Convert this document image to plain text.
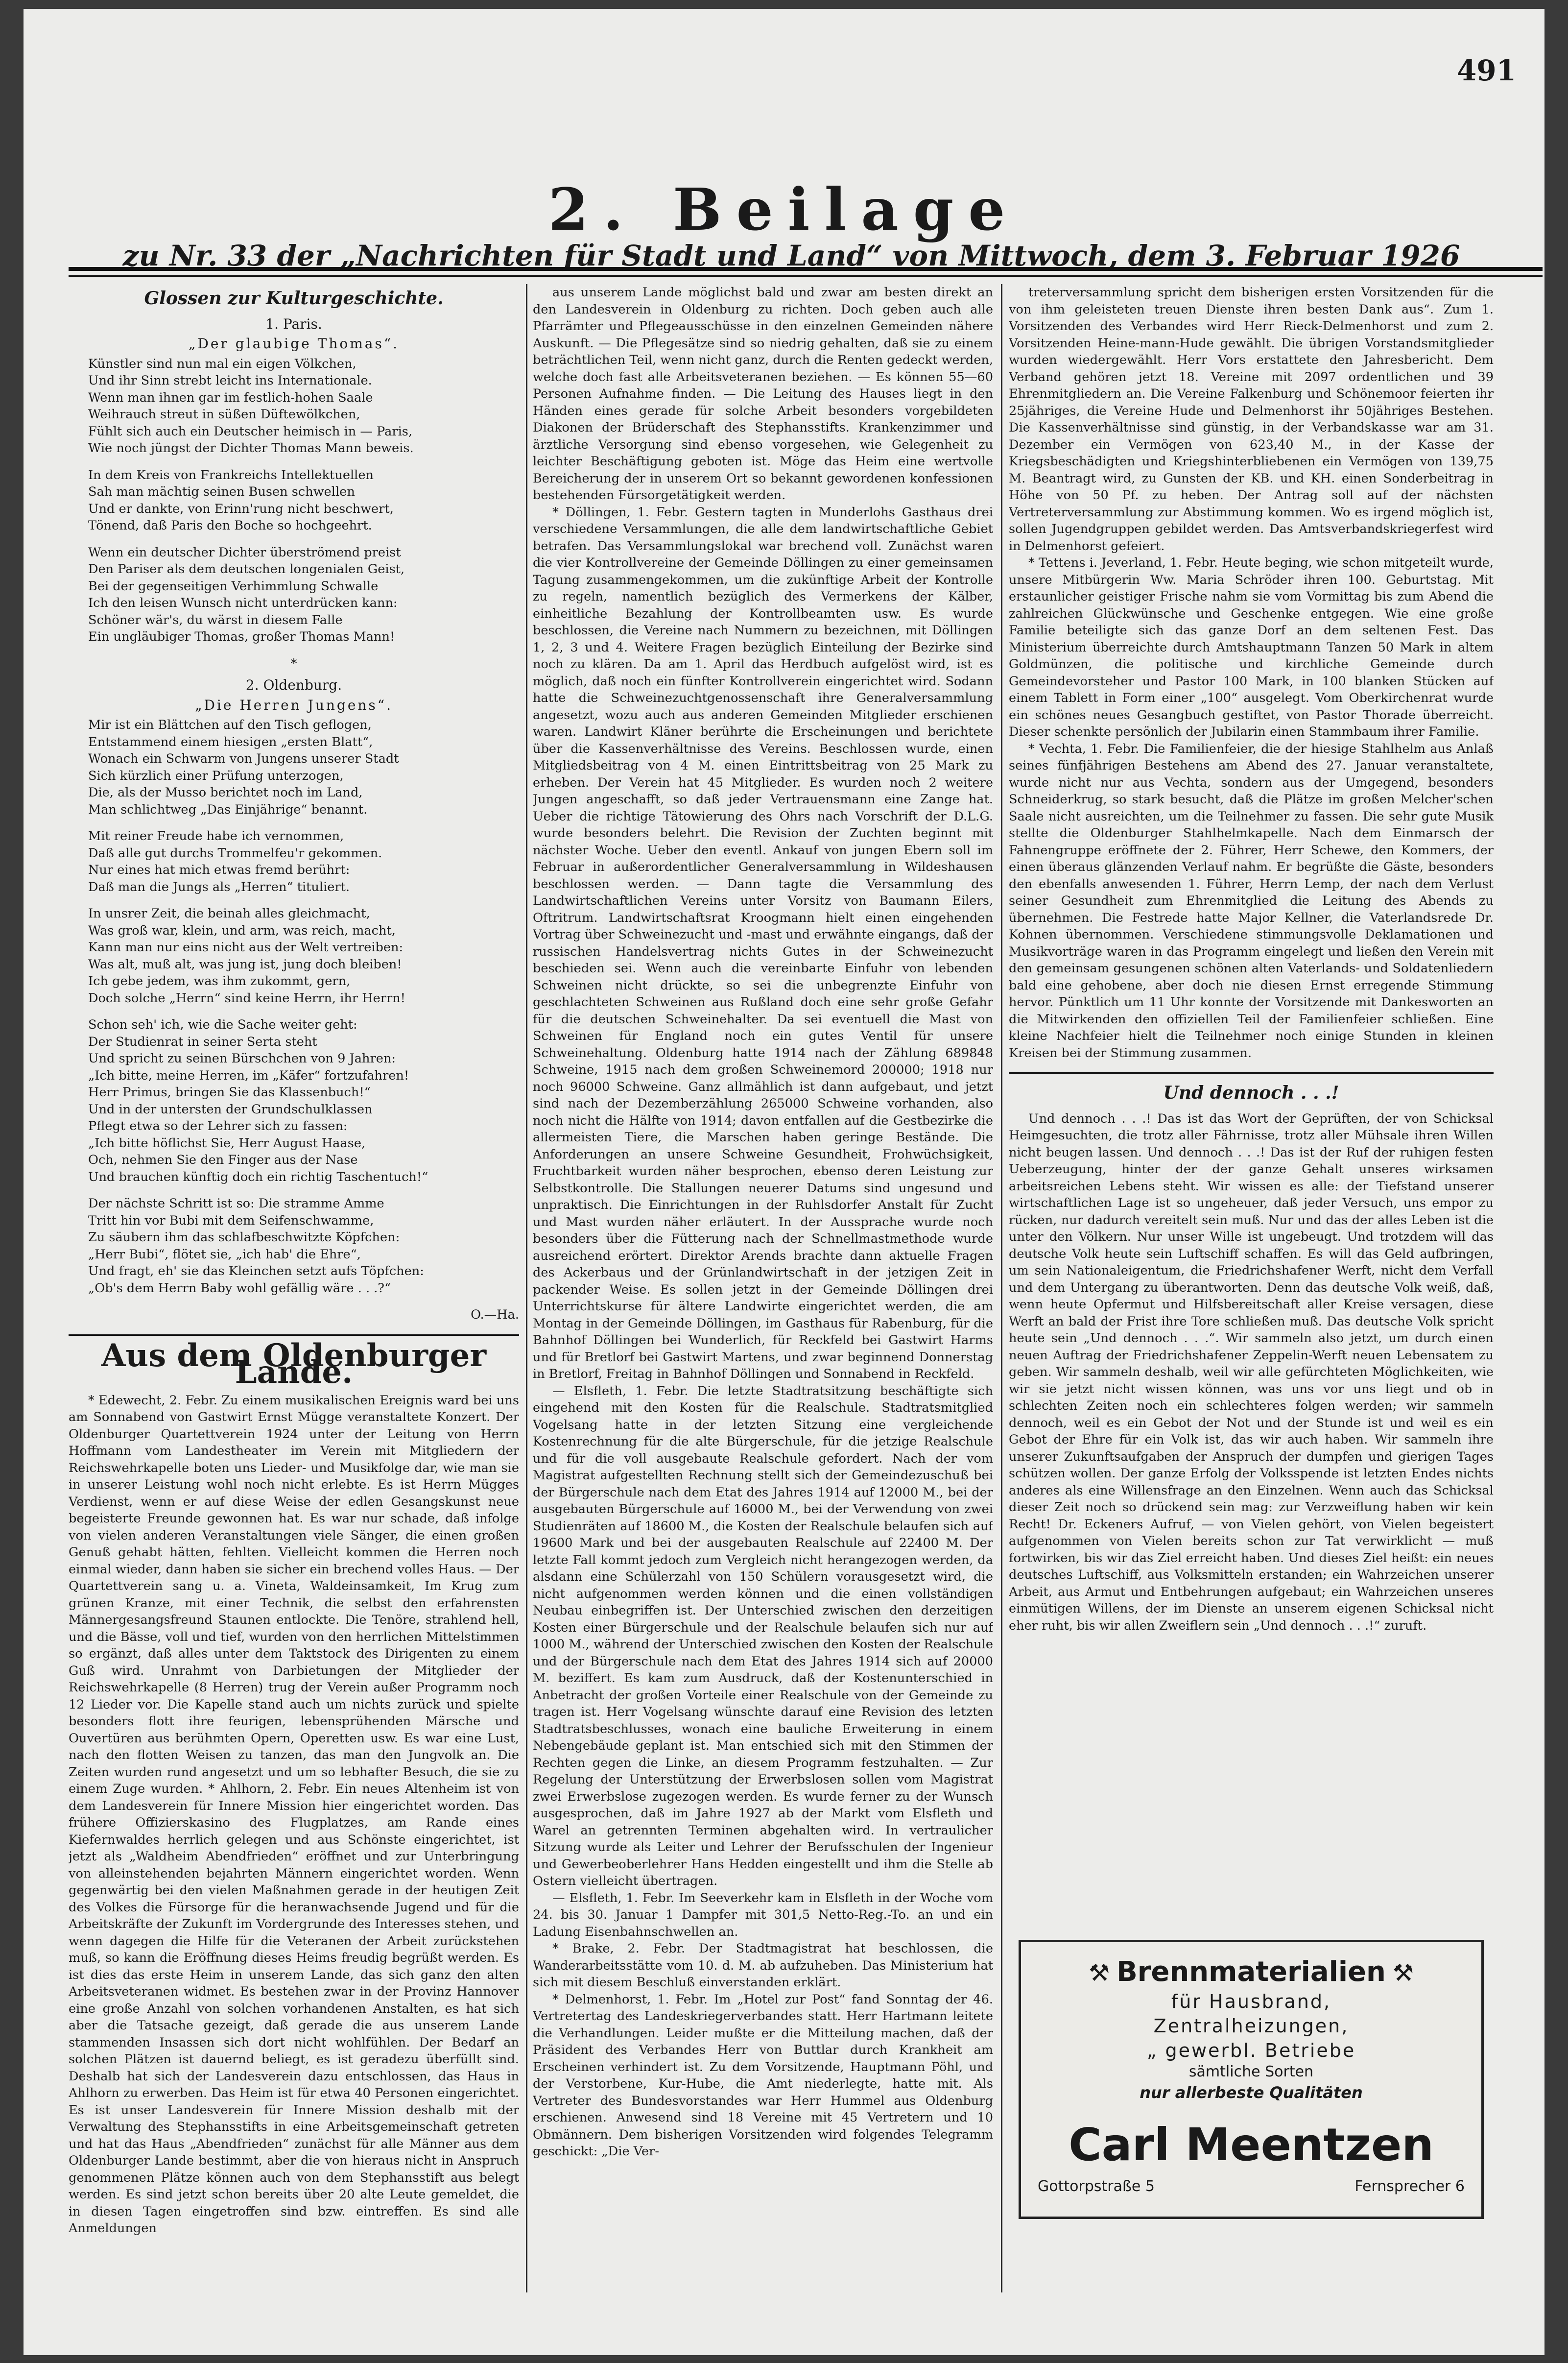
491
2. Beilage
zu Nr. 33 der „Nachrichten für Stadt und Land“ von Mittwoch, dem 3. Februar 1926
Glossen zur Kulturgeschichte.
1. Paris.
„Der glaubige Thomas“.

Künstler sind nun mal ein eigen Völkchen,

Und ihr Sinn strebt leicht ins Internationale.

Wenn man ihnen gar im festlich-hohen Saale

Weihrauch streut in süßen Düftewölkchen,

Fühlt sich auch ein Deutscher heimisch in — Paris,

Wie noch jüngst der Dichter Thomas Mann beweis.

In dem Kreis von Frankreichs Intellektuellen

Sah man mächtig seinen Busen schwellen

Und er dankte, von Erinn'rung nicht beschwert,

Tönend, daß Paris den Boche so hochgeehrt.

Wenn ein deutscher Dichter überströmend preist

Den Pariser als dem deutschen longenialen Geist,

Bei der gegenseitigen Verhimmlung Schwalle

Ich den leisen Wunsch nicht unterdrücken kann:

Schöner wär's, du wärst in diesem Falle

Ein ungläubiger Thomas, großer Thomas Mann!

*
2. Oldenburg.
„Die Herren Jungens“.

Mir ist ein Blättchen auf den Tisch geflogen,

Entstammend einem hiesigen „ersten Blatt“,

Wonach ein Schwarm von Jungens unserer Stadt

Sich kürzlich einer Prüfung unterzogen,

Die, als der Musso berichtet noch im Land,

Man schlichtweg „Das Einjährige“ benannt.

Mit reiner Freude habe ich vernommen,

Daß alle gut durchs Trommelfeu'r gekommen.

Nur eines hat mich etwas fremd berührt:

Daß man die Jungs als „Herren“ tituliert.

In unsrer Zeit, die beinah alles gleichmacht,

Was groß war, klein, und arm, was reich, macht,

Kann man nur eins nicht aus der Welt vertreiben:

Was alt, muß alt, was jung ist, jung doch bleiben!

Ich gebe jedem, was ihm zukommt, gern,

Doch solche „Herrn“ sind keine Herrn, ihr Herrn!

Schon seh' ich, wie die Sache weiter geht:

Der Studienrat in seiner Serta steht

Und spricht zu seinen Bürschchen von 9 Jahren:

„Ich bitte, meine Herren, im „Käfer“ fortzufahren!

Herr Primus, bringen Sie das Klassenbuch!“

Und in der untersten der Grundschulklassen

Pflegt etwa so der Lehrer sich zu fassen:

„Ich bitte höflichst Sie, Herr August Haase,

Och, nehmen Sie den Finger aus der Nase

Und brauchen künftig doch ein richtig Taschentuch!“

Der nächste Schritt ist so: Die stramme Amme

Tritt hin vor Bubi mit dem Seifenschwamme,

Zu säubern ihm das schlafbeschwitzte Köpfchen:

„Herr Bubi“, flötet sie, „ich hab' die Ehre“,

Und fragt, eh' sie das Kleinchen setzt aufs Töpfchen:

„Ob's dem Herrn Baby wohl gefällig wäre . . .?“

O.—Ha.
Aus dem Oldenburger Lande.

* Edewecht, 2. Febr. Zu einem musikalischen Ereignis ward bei uns am Sonnabend von Gastwirt Ernst Mügge veranstaltete Konzert. Der Oldenburger Quartettverein 1924 unter der Leitung von Herrn Hoffmann vom Landestheater im Verein mit Mitgliedern der Reichswehrkapelle boten uns Lieder- und Musikfolge dar, wie man sie in unserer Leistung wohl noch nicht erlebte. Es ist Herrn Mügges Verdienst, wenn er auf diese Weise der edlen Gesangskunst neue begeisterte Freunde gewonnen hat. Es war nur schade, daß infolge von vielen anderen Veranstaltungen viele Sänger, die einen großen Genuß gehabt hätten, fehlten. Vielleicht kommen die Herren noch einmal wieder, dann haben sie sicher ein brechend volles Haus. — Der Quartettverein sang u. a. Vineta, Waldeinsamkeit, Im Krug zum grünen Kranze, mit einer Technik, die selbst den erfahrensten Männergesangsfreund Staunen entlockte. Die Tenöre, strahlend hell, und die Bässe, voll und tief, wurden von den herrlichen Mittelstimmen so ergänzt, daß alles unter dem Taktstock des Dirigenten zu einem Guß wird. Unrahmt von Darbietungen der Mitglieder der Reichswehrkapelle (8 Herren) trug der Verein außer Programm noch 12 Lieder vor. Die Kapelle stand auch um nichts zurück und spielte besonders flott ihre feurigen, lebensprühenden Märsche und Ouvertüren aus berühmten Opern, Operetten usw. Es war eine Lust, nach den flotten Weisen zu tanzen, das man den Jungvolk an. Die Zeiten wurden rund angesetzt und um so lebhafter Besuch, die sie zu einem Zuge wurden. * Ahlhorn, 2. Febr. Ein neues Altenheim ist von dem Landesverein für Innere Mission hier eingerichtet worden. Das frühere Offizierskasino des Flugplatzes, am Rande eines Kiefernwaldes herrlich gelegen und aus Schönste eingerichtet, ist jetzt als „Waldheim Abendfrieden“ eröffnet und zur Unterbringung von alleinstehenden bejahrten Männern eingerichtet worden. Wenn gegenwärtig bei den vielen Maßnahmen gerade in der heutigen Zeit des Volkes die Fürsorge für die heranwachsende Jugend und für die Arbeitskräfte der Zukunft im Vordergrunde des Interesses stehen, und wenn dagegen die Hilfe für die Veteranen der Arbeit zurückstehen muß, so kann die Eröffnung dieses Heims freudig begrüßt werden. Es ist dies das erste Heim in unserem Lande, das sich ganz den alten Arbeitsveteranen widmet. Es bestehen zwar in der Provinz Hannover eine große Anzahl von solchen vorhandenen Anstalten, es hat sich aber die Tatsache gezeigt, daß gerade die aus unserem Lande stammenden Insassen sich dort nicht wohlfühlen. Der Bedarf an solchen Plätzen ist dauernd beliegt, es ist geradezu überfüllt sind. Deshalb hat sich der Landesverein dazu entschlossen, das Haus in Ahlhorn zu erwerben. Das Heim ist für etwa 40 Personen eingerichtet. Es ist unser Landesverein für Innere Mission deshalb mit der Verwaltung des Stephansstifts in eine Arbeitsgemeinschaft getreten und hat das Haus „Abendfrieden“ zunächst für alle Männer aus dem Oldenburger Lande bestimmt, aber die von hieraus nicht in Anspruch genommenen Plätze können auch von dem Stephansstift aus belegt werden. Es sind jetzt schon bereits über 20 alte Leute gemeldet, die in diesen Tagen eingetroffen sind bzw. eintreffen. Es sind alle Anmeldungen

aus unserem Lande möglichst bald und zwar am besten direkt an den Landesverein in Oldenburg zu richten. Doch geben auch alle Pfarrämter und Pflegeausschüsse in den einzelnen Gemeinden nähere Auskunft. — Die Pflegesätze sind so niedrig gehalten, daß sie zu einem beträchtlichen Teil, wenn nicht ganz, durch die Renten gedeckt werden, welche doch fast alle Arbeitsveteranen beziehen. — Es können 55—60 Personen Aufnahme finden. — Die Leitung des Hauses liegt in den Händen eines gerade für solche Arbeit besonders vorgebildeten Diakonen der Brüderschaft des Stephansstifts. Krankenzimmer und ärztliche Versorgung sind ebenso vorgesehen, wie Gelegenheit zu leichter Beschäftigung geboten ist. Möge das Heim eine wertvolle Bereicherung der in unserem Ort so bekannt gewordenen konfessionen bestehenden Fürsorgetätigkeit werden.

* Döllingen, 1. Febr. Gestern tagten in Munderlohs Gasthaus drei verschiedene Versammlungen, die alle dem landwirtschaftliche Gebiet betrafen. Das Versammlungslokal war brechend voll. Zunächst waren die vier Kontrollvereine der Gemeinde Döllingen zu einer gemeinsamen Tagung zusammengekommen, um die zukünftige Arbeit der Kontrolle zu regeln, namentlich bezüglich des Vermerkens der Kälber, einheitliche Bezahlung der Kontrollbeamten usw. Es wurde beschlossen, die Vereine nach Nummern zu bezeichnen, mit Döllingen 1, 2, 3 und 4. Weitere Fragen bezüglich Einteilung der Bezirke sind noch zu klären. Da am 1. April das Herdbuch aufgelöst wird, ist es möglich, daß noch ein fünfter Kontrollverein eingerichtet wird. Sodann hatte die Schweinezuchtgenossenschaft ihre Generalversammlung angesetzt, wozu auch aus anderen Gemeinden Mitglieder erschienen waren. Landwirt Kläner berührte die Erscheinungen und berichtete über die Kassenverhältnisse des Vereins. Beschlossen wurde, einen Mitgliedsbeitrag von 4 M. einen Eintrittsbeitrag von 25 Mark zu erheben. Der Verein hat 45 Mitglieder. Es wurden noch 2 weitere Jungen angeschafft, so daß jeder Vertrauensmann eine Zange hat. Ueber die richtige Tätowierung des Ohrs nach Vorschrift der D.L.G. wurde besonders belehrt. Die Revision der Zuchten beginnt mit nächster Woche. Ueber den eventl. Ankauf von jungen Ebern soll im Februar in außerordentlicher Generalversammlung in Wildeshausen beschlossen werden. — Dann tagte die Versammlung des Landwirtschaftlichen Vereins unter Vorsitz von Baumann Eilers, Oftritrum. Landwirtschaftsrat Kroogmann hielt einen eingehenden Vortrag über Schweinezucht und -mast und erwähnte eingangs, daß der russischen Handelsvertrag nichts Gutes in der Schweinezucht beschieden sei. Wenn auch die vereinbarte Einfuhr von lebenden Schweinen nicht drückte, so sei die unbegrenzte Einfuhr von geschlachteten Schweinen aus Rußland doch eine sehr große Gefahr für die deutschen Schweinehalter. Da sei eventuell die Mast von Schweinen für England noch ein gutes Ventil für unsere Schweinehaltung. Oldenburg hatte 1914 nach der Zählung 689848 Schweine, 1915 nach dem großen Schweinemord 200000; 1918 nur noch 96000 Schweine. Ganz allmählich ist dann aufgebaut, und jetzt sind nach der Dezemberzählung 265000 Schweine vorhanden, also noch nicht die Hälfte von 1914; davon entfallen auf die Gestbezirke die allermeisten Tiere, die Marschen haben geringe Bestände. Die Anforderungen an unsere Schweine Gesundheit, Frohwüchsigkeit, Fruchtbarkeit wurden näher besprochen, ebenso deren Leistung zur Selbstkontrolle. Die Stallungen neuerer Datums sind ungesund und unpraktisch. Die Einrichtungen in der Ruhlsdorfer Anstalt für Zucht und Mast wurden näher erläutert. In der Aussprache wurde noch besonders über die Fütterung nach der Schnellmastmethode wurde ausreichend erörtert. Direktor Arends brachte dann aktuelle Fragen des Ackerbaus und der Grünlandwirtschaft in der jetzigen Zeit in packender Weise. Es sollen jetzt in der Gemeinde Döllingen drei Unterrichtskurse für ältere Landwirte eingerichtet werden, die am Montag in der Gemeinde Döllingen, im Gasthaus für Rabenburg, für die Bahnhof Döllingen bei Wunderlich, für Reckfeld bei Gastwirt Harms und für Bretlorf bei Gastwirt Martens, und zwar beginnend Donnerstag in Bretlorf, Freitag in Bahnhof Döllingen und Sonnabend in Reckfeld.

— Elsfleth, 1. Febr. Die letzte Stadtratsitzung beschäftigte sich eingehend mit den Kosten für die Realschule. Stadtratsmitglied Vogelsang hatte in der letzten Sitzung eine vergleichende Kostenrechnung für die alte Bürgerschule, für die jetzige Realschule und für die voll ausgebaute Realschule gefordert. Nach der vom Magistrat aufgestellten Rechnung stellt sich der Gemeindezuschuß bei der Bürgerschule nach dem Etat des Jahres 1914 auf 12000 M., bei der ausgebauten Bürgerschule auf 16000 M., bei der Verwendung von zwei Studienräten auf 18600 M., die Kosten der Realschule belaufen sich auf 19600 Mark und bei der ausgebauten Realschule auf 22400 M. Der letzte Fall kommt jedoch zum Vergleich nicht herangezogen werden, da alsdann eine Schülerzahl von 150 Schülern vorausgesetzt wird, die nicht aufgenommen werden können und die einen vollständigen Neubau einbegriffen ist. Der Unterschied zwischen den derzeitigen Kosten einer Bürgerschule und der Realschule belaufen sich nur auf 1000 M., während der Unterschied zwischen den Kosten der Realschule und der Bürgerschule nach dem Etat des Jahres 1914 sich auf 20000 M. beziffert. Es kam zum Ausdruck, daß der Kostenunterschied in Anbetracht der großen Vorteile einer Realschule von der Gemeinde zu tragen ist. Herr Vogelsang wünschte darauf eine Revision des letzten Stadtratsbeschlusses, wonach eine bauliche Erweiterung in einem Nebengebäude geplant ist. Man entschied sich mit den Stimmen der Rechten gegen die Linke, an diesem Programm festzuhalten. — Zur Regelung der Unterstützung der Erwerbslosen sollen vom Magistrat zwei Erwerbslose zugezogen werden. Es wurde ferner zu der Wunsch ausgesprochen, daß im Jahre 1927 ab der Markt vom Elsfleth und Warel an getrennten Terminen abgehalten wird. In vertraulicher Sitzung wurde als Leiter und Lehrer der Berufsschulen der Ingenieur und Gewerbeoberlehrer Hans Hedden eingestellt und ihm die Stelle ab Ostern vielleicht übertragen.

— Elsfleth, 1. Febr. Im Seeverkehr kam in Elsfleth in der Woche vom 24. bis 30. Januar 1 Dampfer mit 301,5 Netto-Reg.-To. an und ein Ladung Eisenbahnschwellen an.

* Brake, 2. Febr. Der Stadtmagistrat hat beschlossen, die Wanderarbeitsstätte vom 10. d. M. ab aufzuheben. Das Ministerium hat sich mit diesem Beschluß einverstanden erklärt.

* Delmenhorst, 1. Febr. Im „Hotel zur Post“ fand Sonntag der 46. Vertretertag des Landeskriegerverbandes statt. Herr Hartmann leitete die Verhandlungen. Leider mußte er die Mitteilung machen, daß der Präsident des Verbandes Herr von Buttlar durch Krankheit am Erscheinen verhindert ist. Zu dem Vorsitzende, Hauptmann Pöhl, und der Verstorbene, Kur-Hube, die Amt niederlegte, hatte mit. Als Vertreter des Bundesvorstandes war Herr Hummel aus Oldenburg erschienen. Anwesend sind 18 Vereine mit 45 Vertretern und 10 Obmännern. Dem bisherigen Vorsitzenden wird folgendes Telegramm geschickt: „Die Ver-

treterversammlung spricht dem bisherigen ersten Vorsitzenden für die von ihm geleisteten treuen Dienste ihren besten Dank aus“. Zum 1. Vorsitzenden des Verbandes wird Herr Rieck-Delmenhorst und zum 2. Vorsitzenden Heine-mann-Hude gewählt. Die übrigen Vorstandsmitglieder wurden wiedergewählt. Herr Vors erstattete den Jahresbericht. Dem Verband gehören jetzt 18. Vereine mit 2097 ordentlichen und 39 Ehrenmitgliedern an. Die Vereine Falkenburg und Schönemoor feierten ihr 25jähriges, die Vereine Hude und Delmenhorst ihr 50jähriges Bestehen. Die Kassenverhältnisse sind günstig, in der Verbandskasse war am 31. Dezember ein Vermögen von 623,40 M., in der Kasse der Kriegsbeschädigten und Kriegshinterbliebenen ein Vermögen von 139,75 M. Beantragt wird, zu Gunsten der KB. und KH. einen Sonderbeitrag in Höhe von 50 Pf. zu heben. Der Antrag soll auf der nächsten Vertreterversammlung zur Abstimmung kommen. Wo es irgend möglich ist, sollen Jugendgruppen gebildet werden. Das Amtsverbandskriegerfest wird in Delmenhorst gefeiert.

* Tettens i. Jeverland, 1. Febr. Heute beging, wie schon mitgeteilt wurde, unsere Mitbürgerin Ww. Maria Schröder ihren 100. Geburtstag. Mit erstaunlicher geistiger Frische nahm sie vom Vormittag bis zum Abend die zahlreichen Glückwünsche und Geschenke entgegen. Wie eine große Familie beteiligte sich das ganze Dorf an dem seltenen Fest. Das Ministerium überreichte durch Amtshauptmann Tanzen 50 Mark in altem Goldmünzen, die politische und kirchliche Gemeinde durch Gemeindevorsteher und Pastor 100 Mark, in 100 blanken Stücken auf einem Tablett in Form einer „100“ ausgelegt. Vom Oberkirchenrat wurde ein schönes neues Gesangbuch gestiftet, von Pastor Thorade überreicht. Dieser schenkte persönlich der Jubilarin einen Stammbaum ihrer Familie.

* Vechta, 1. Febr. Die Familienfeier, die der hiesige Stahlhelm aus Anlaß seines fünfjährigen Bestehens am Abend des 27. Januar veranstaltete, wurde nicht nur aus Vechta, sondern aus der Umgegend, besonders Schneiderkrug, so stark besucht, daß die Plätze im großen Melcher'schen Saale nicht ausreichten, um die Teilnehmer zu fassen. Die sehr gute Musik stellte die Oldenburger Stahlhelmkapelle. Nach dem Einmarsch der Fahnengruppe eröffnete der 2. Führer, Herr Schewe, den Kommers, der einen überaus glänzenden Verlauf nahm. Er begrüßte die Gäste, besonders den ebenfalls anwesenden 1. Führer, Herrn Lemp, der nach dem Verlust seiner Gesundheit zum Ehrenmitglied die Leitung des Abends zu übernehmen. Die Festrede hatte Major Kellner, die Vaterlandsrede Dr. Kohnen übernommen. Verschiedene stimmungsvolle Deklamationen und Musikvorträge waren in das Programm eingelegt und ließen den Verein mit den gemeinsam gesungenen schönen alten Vaterlands- und Soldatenliedern bald eine gehobene, aber doch nie diesen Ernst erregende Stimmung hervor. Pünktlich um 11 Uhr konnte der Vorsitzende mit Dankesworten an die Mitwirkenden den offiziellen Teil der Familienfeier schließen. Eine kleine Nachfeier hielt die Teilnehmer noch einige Stunden in kleinen Kreisen bei der Stimmung zusammen.

Und dennoch . . .!

Und dennoch . . .! Das ist das Wort der Geprüften, der von Schicksal Heimgesuchten, die trotz aller Fährnisse, trotz aller Mühsale ihren Willen nicht beugen lassen. Und dennoch . . .! Das ist der Ruf der ruhigen festen Ueberzeugung, hinter der der ganze Gehalt unseres wirksamen arbeitsreichen Lebens steht. Wir wissen es alle: der Tiefstand unserer wirtschaftlichen Lage ist so ungeheuer, daß jeder Versuch, uns empor zu rücken, nur dadurch vereitelt sein muß. Nur und das der alles Leben ist die unter den Völkern. Nur unser Wille ist ungebeugt. Und trotzdem will das deutsche Volk heute sein Luftschiff schaffen. Es will das Geld aufbringen, um sein Nationaleigentum, die Friedrichshafener Werft, nicht dem Verfall und dem Untergang zu überantworten. Denn das deutsche Volk weiß, daß, wenn heute Opfermut und Hilfsbereitschaft aller Kreise versagen, diese Werft an bald der Frist ihre Tore schließen muß. Das deutsche Volk spricht heute sein „Und dennoch . . .“. Wir sammeln also jetzt, um durch einen neuen Auftrag der Friedrichshafener Zeppelin-Werft neuen Lebensatem zu geben. Wir sammeln deshalb, weil wir alle gefürchteten Möglichkeiten, wie wir sie jetzt nicht wissen können, was uns vor uns liegt und ob in schlechten Zeiten noch ein schlechteres folgen werden; wir sammeln dennoch, weil es ein Gebot der Not und der Stunde ist und weil es ein Gebot der Ehre für ein Volk ist, das wir auch haben. Wir sammeln ihre unserer Zukunftsaufgaben der Anspruch der dumpfen und gierigen Tages schützen wollen. Der ganze Erfolg der Volksspende ist letzten Endes nichts anderes als eine Willensfrage an den Einzelnen. Wenn auch das Schicksal dieser Zeit noch so drückend sein mag: zur Verzweiflung haben wir kein Recht! Dr. Eckeners Aufruf, — von Vielen gehört, von Vielen begeistert aufgenommen von Vielen bereits schon zur Tat verwirklicht — muß fortwirken, bis wir das Ziel erreicht haben. Und dieses Ziel heißt: ein neues deutsches Luftschiff, aus Volksmitteln erstanden; ein Wahrzeichen unserer Arbeit, aus Armut und Entbehrungen aufgebaut; ein Wahrzeichen unseres einmütigen Willens, der im Dienste an unserem eigenen Schicksal nicht eher ruht, bis wir allen Zweiflern sein „Und dennoch . . .!“ zuruft.

⚒ Brennmaterialien ⚒
für Hausbrand,
Zentralheizungen,
„ gewerbl. Betriebe
sämtliche Sorten
nur allerbeste Qualitäten
Carl Meentzen
Gottorpstraße 5	Fernsprecher 6
